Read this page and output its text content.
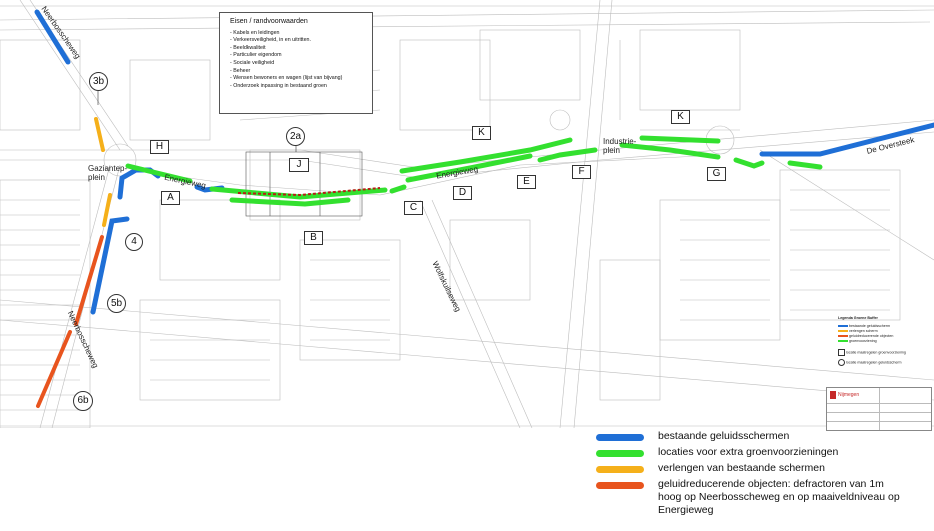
H
A
J
B
C
K
D
E
F
K
G
3b
2a
4
5b
6b
Neerbosscheweg
Neerbosscheweg
Energieweg
Energieweg
Wolfskuilseweg
De Oversteek
Gaziantep-
plein
Industrie-
plein
Eisen / randvoorwaarden
- Kabels en leidingen
- Verkeersveiligheid, in en uitritten.
- Beeldkwaliteit
- Particulier eigendom
- Sociale veiligheid
- Beheer
- Wensen bewoners en wagen (lijst van bijvang)
- Onderzoek inpassing in bestaand groen
Legenda Groene Buffer
bestaande geluidsscherm
verlengen scherm
geluidreducerende objecten
groenvoorziening
locatie maatregelen groenvoorziening
locatie maatregelen geluidsscherm
Nijmegen
bestaande geluidsschermen
locaties voor extra groenvoorzieningen
verlengen van bestaande schermen
geluidreducerende objecten: defractoren van 1m hoog op Neerbosscheweg en op maaiveldniveau op Energieweg
